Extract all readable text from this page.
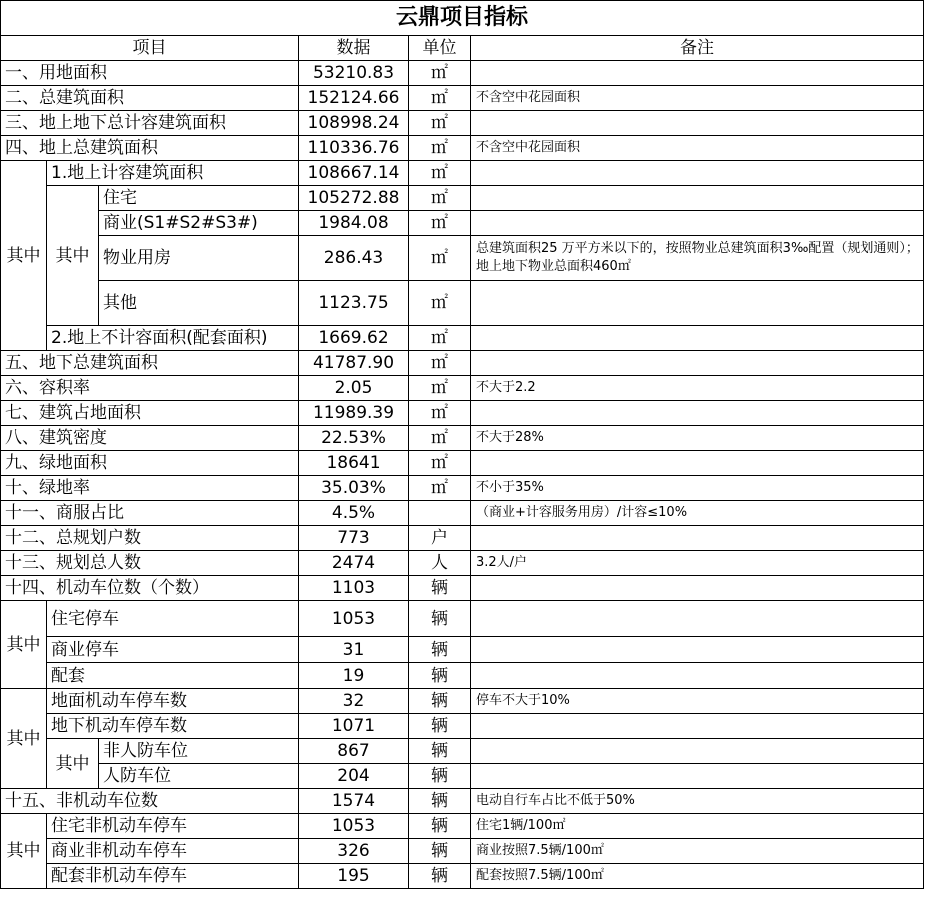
云鼎项目指标					
项目			数据	单位	备注
一、用地面积			53210.83	㎡	
二、总建筑面积			152124.66	㎡	不含空中花园面积
三、地上地下总计容建筑面积			108998.24	㎡	
四、地上总建筑面积			110336.76	㎡	不含空中花园面积
其中	1.地上计容建筑面积		108667.14	㎡	
	其中	住宅	105272.88	㎡	
		商业(S1#S2#S3#)	1984.08	㎡	
		物业用房	286.43	㎡	总建筑面积25 万平方米以下的，按照物业总建筑面积3‰配置（规划通则）；地上地下物业总面积460㎡

		其他	1123.75	㎡	
	2.地上不计容面积(配套面积)		1669.62	㎡	
五、地下总建筑面积			41787.90	㎡	
六、容积率			2.05	㎡	不大于2.2
七、建筑占地面积			11989.39	㎡	
八、建筑密度			22.53%	㎡	不大于28%
九、绿地面积			18641	㎡	
十、绿地率			35.03%	㎡	不小于35%
十一、商服占比			4.5%		（商业+计容服务用房）/计容≤10%
十二、总规划户数			773	户	
十三、规划总人数			2474	人	3.2人/户
十四、机动车位数（个数）			1103	辆	
其中	住宅停车		1053	辆	
	商业停车		31	辆	
	配套		19	辆	
其中	地面机动车停车数		32	辆	停车不大于10%
	地下机动车停车数		1071	辆	
	其中	非人防车位	867	辆	
		人防车位	204	辆	
十五、非机动车位数			1574	辆	电动自行车占比不低于50%
其中	住宅非机动车停车		1053	辆	住宅1辆/100㎡
	商业非机动车停车		326	辆	商业按照7.5辆/100㎡
	配套非机动车停车		195	辆	配套按照7.5辆/100㎡
